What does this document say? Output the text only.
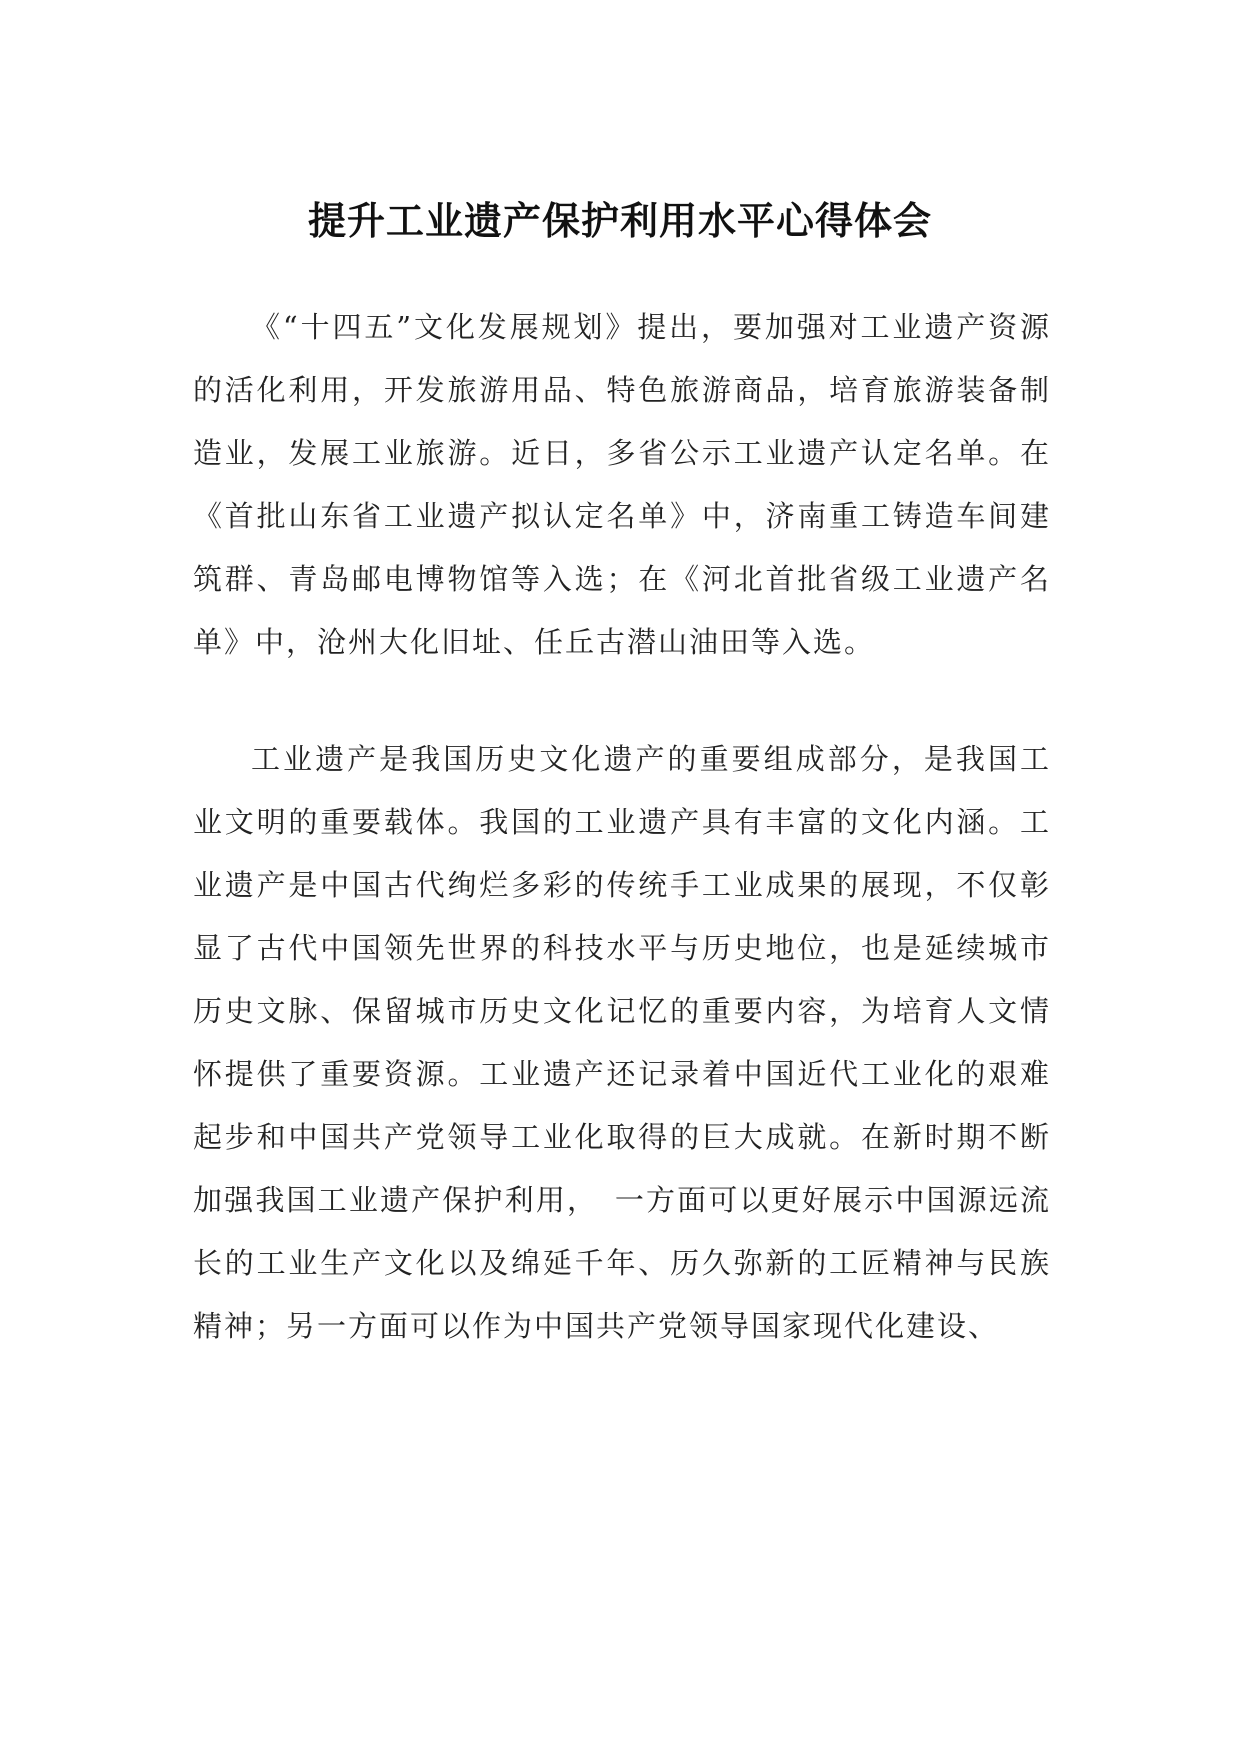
提升工业遗产保护利用水平心得体会

《“十四五”文化发展规划》提出，要加强对工业遗产资源的活化利用，开发旅游用品、特色旅游商品，培育旅游装备制造业，发展工业旅游。近日，多省公示工业遗产认定名单。在《首批山东省工业遗产拟认定名单》中，济南重工铸造车间建筑群、青岛邮电博物馆等入选；在《河北首批省级工业遗产名单》中，沧州大化旧址、任丘古潜山油田等入选。

工业遗产是我国历史文化遗产的重要组成部分，是我国工业文明的重要载体。我国的工业遗产具有丰富的文化内涵。工业遗产是中国古代绚烂多彩的传统手工业成果的展现，不仅彰显了古代中国领先世界的科技水平与历史地位，也是延续城市历史文脉、保留城市历史文化记忆的重要内容，为培育人文情怀提供了重要资源。工业遗产还记录着中国近代工业化的艰难起步和中国共产党领导工业化取得的巨大成就。在新时期不断加强我国工业遗产保护利用，　一方面可以更好展示中国源远流长的工业生产文化以及绵延千年、历久弥新的工匠精神与民族精神；另一方面可以作为中国共产党领导国家现代化建设、
